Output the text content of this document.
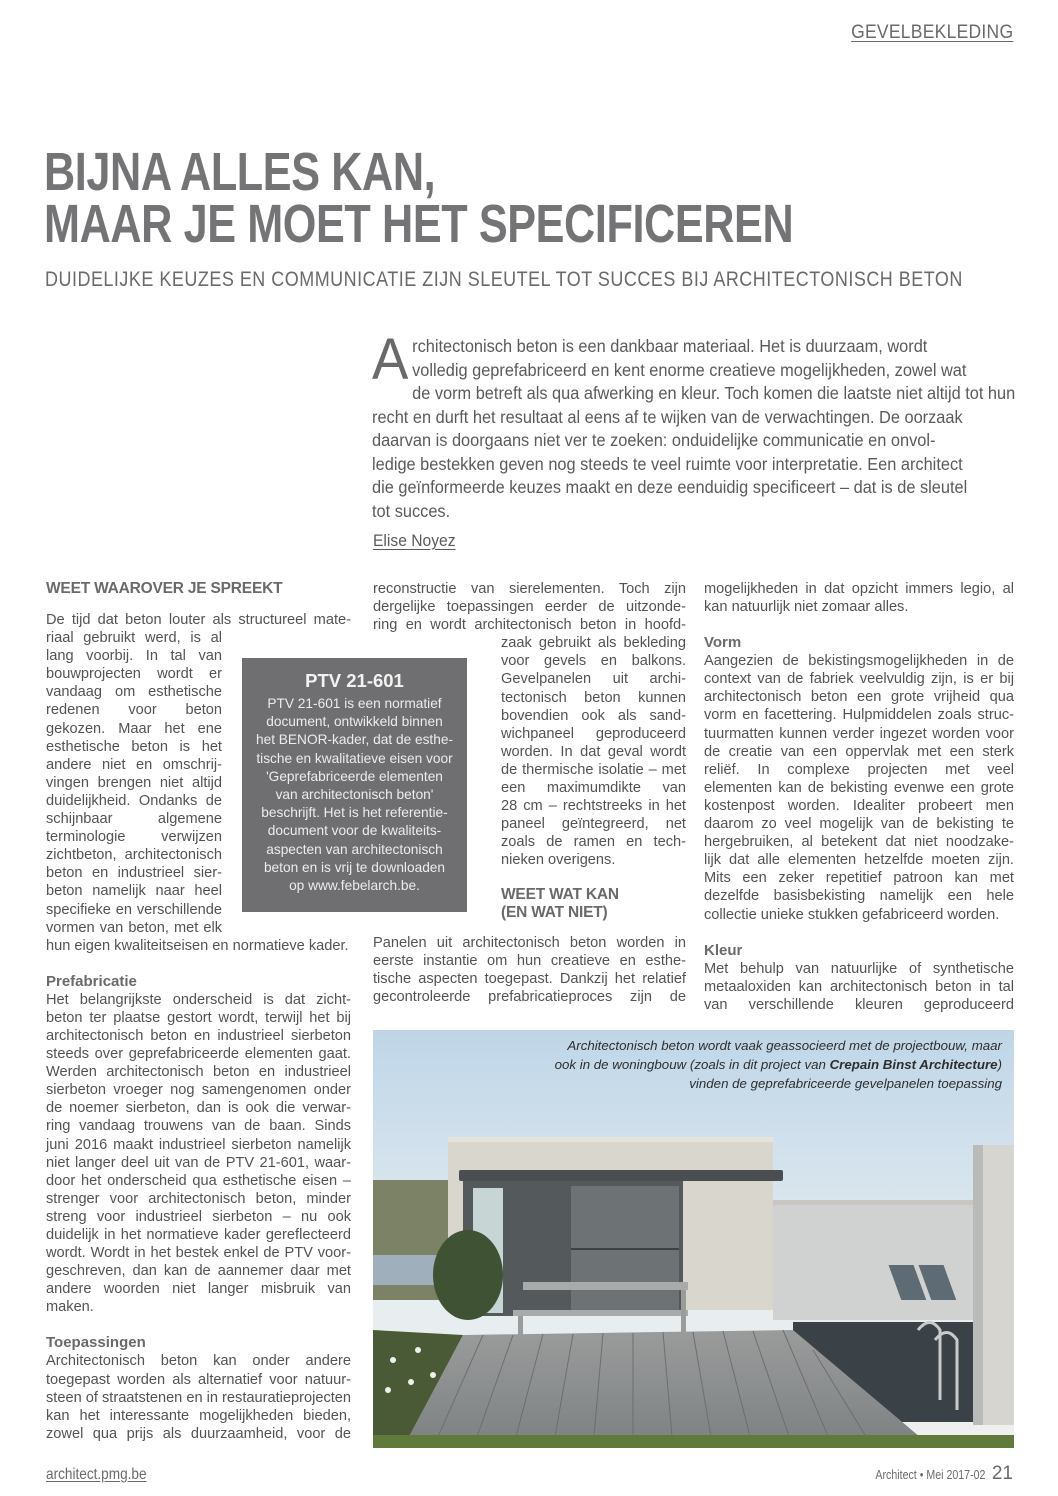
GEVELBEKLEDING
BIJNA ALLES KAN,
MAAR JE MOET HET SPECIFICEREN
DUIDELIJKE KEUZES EN COMMUNICATIE ZIJN SLEUTEL TOT SUCCES BIJ ARCHITECTONISCH BETON
A rchitectonisch beton is een dankbaar materiaal. Het is duurzaam, wordt
volledig geprefabriceerd en kent enorme creatieve mogelijkheden, zowel wat
de vorm betreft als qua afwerking en kleur. Toch komen die laatste niet altijd tot hun
recht en durft het resultaat al eens af te wijken van de verwachtingen. De oorzaak
daarvan is doorgaans niet ver te zoeken: onduidelijke communicatie en onvol-
ledige bestekken geven nog steeds te veel ruimte voor interpretatie. Een architect
die geïnformeerde keuzes maakt en deze eenduidig specificeert – dat is de sleutel
tot succes.
Elise Noyez
WEET WAAROVER JE SPREEKT
De tijd dat beton louter als structureel mate-
riaal gebruikt werd, is al
lang voorbij. In tal van
bouwprojecten wordt er
vandaag om esthetische
redenen voor beton
gekozen. Maar het ene
esthetische beton is het
andere niet en omschrij-
vingen brengen niet altijd
duidelijkheid. Ondanks de
schijnbaar algemene
terminologie verwijzen
zichtbeton, architectonisch
beton en industrieel sier-
beton namelijk naar heel
specifieke en verschillende
vormen van beton, met elk
hun eigen kwaliteitseisen en normatieve kader.
Prefabricatie
Het belangrijkste onderscheid is dat zicht-
beton ter plaatse gestort wordt, terwijl het bij
architectonisch beton en industrieel sierbeton
steeds over geprefabriceerde elementen gaat.
Werden architectonisch beton en industrieel
sierbeton vroeger nog samengenomen onder
de noemer sierbeton, dan is ook die verwar-
ring vandaag trouwens van de baan. Sinds
juni 2016 maakt industrieel sierbeton namelijk
niet langer deel uit van de PTV 21-601, waar-
door het onderscheid qua esthetische eisen –
strenger voor architectonisch beton, minder
streng voor industrieel sierbeton – nu ook
duidelijk in het normatieve kader gereflecteerd
wordt. Wordt in het bestek enkel de PTV voor-
geschreven, dan kan de aannemer daar met
andere woorden niet langer misbruik van
maken.
Toepassingen
Architectonisch beton kan onder andere
toegepast worden als alternatief voor natuur-
steen of straatstenen en in restauratieprojecten
kan het interessante mogelijkheden bieden,
zowel qua prijs als duurzaamheid, voor de
PTV 21-601
PTV 21-601 is een normatief
document, ontwikkeld binnen
het BENOR-kader, dat de esthe-
tische en kwalitatieve eisen voor
'Geprefabriceerde elementen
van architectonisch beton'
beschrijft. Het is het referentie-
document voor de kwaliteits-
aspecten van architectonisch
beton en is vrij te downloaden
op www.febelarch.be.
reconstructie van sierelementen. Toch zijn
dergelijke toepassingen eerder de uitzonde-
ring en wordt architectonisch beton in hoofd-
zaak gebruikt als bekleding
voor gevels en balkons.
Gevelpanelen uit archi-
tectonisch beton kunnen
bovendien ook als sand-
wichpaneel geproduceerd
worden. In dat geval wordt
de thermische isolatie – met
een maximumdikte van
28 cm – rechtstreeks in het
paneel geïntegreerd, net
zoals de ramen en tech-
nieken overigens.
WEET WAT KAN
(EN WAT NIET)
Panelen uit architectonisch beton worden in
eerste instantie om hun creatieve en esthe-
tische aspecten toegepast. Dankzij het relatief
gecontroleerde prefabricatieproces zijn de
mogelijkheden in dat opzicht immers legio, al
kan natuurlijk niet zomaar alles.
Vorm
Aangezien de bekistingsmogelijkheden in de
context van de fabriek veelvuldig zijn, is er bij
architectonisch beton een grote vrijheid qua
vorm en facettering. Hulpmiddelen zoals struc-
tuurmatten kunnen verder ingezet worden voor
de creatie van een oppervlak met een sterk
reliëf. In complexe projecten met veel
elementen kan de bekisting evenwe een grote
kostenpost worden. Idealiter probeert men
daarom zo veel mogelijk van de bekisting te
hergebruiken, al betekent dat niet noodzake-
lijk dat alle elementen hetzelfde moeten zijn.
Mits een zeker repetitief patroon kan met
dezelfde basisbekisting namelijk een hele
collectie unieke stukken gefabriceerd worden.
Kleur
Met behulp van natuurlijke of synthetische
metaaloxiden kan architectonisch beton in tal
van verschillende kleuren geproduceerd
Architectonisch beton wordt vaak geassocieerd met de projectbouw, maar
ook in de woningbouw (zoals in dit project van Crepain Binst Architecture)
vinden de geprefabriceerde gevelpanelen toepassing
architect.pmg.be	Architect • Mei 2017-02 21
